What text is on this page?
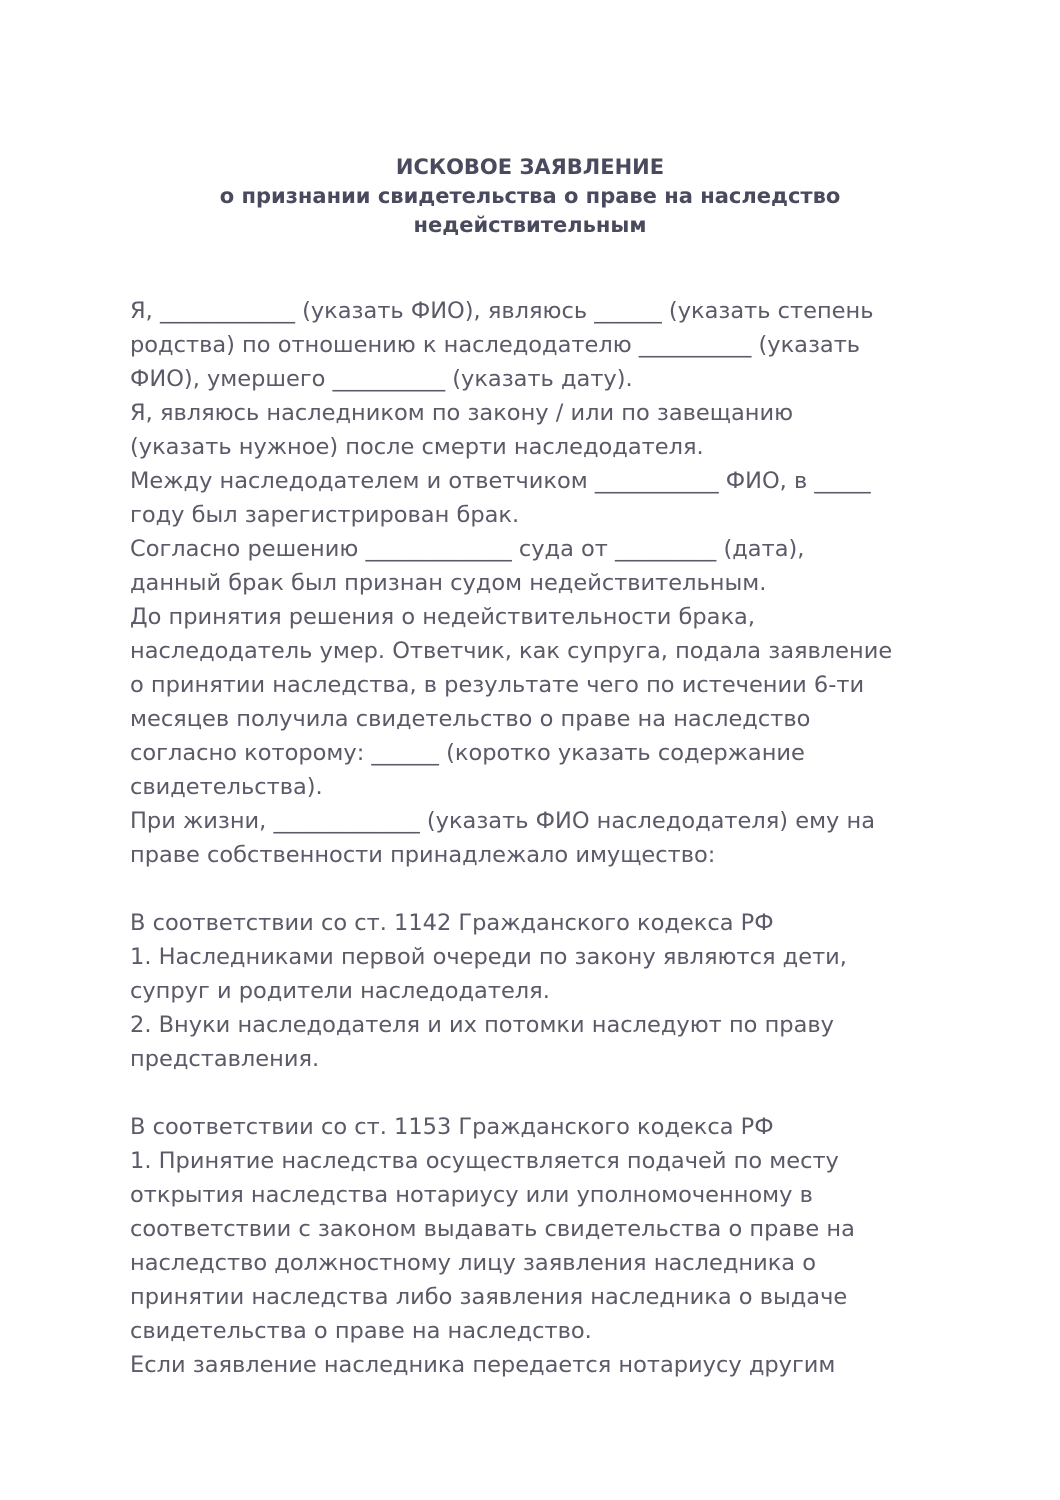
ИСКОВОЕ ЗАЯВЛЕНИЕ
о признании свидетельства о праве на наследство
недействительным
Я, ____________ (указать ФИО), являюсь ______ (указать степень
родства) по отношению к наследодателю __________ (указать
ФИО), умершего __________ (указать дату).
Я, являюсь наследником по закону / или по завещанию
(указать нужное) после смерти наследодателя.
Между наследодателем и ответчиком ___________ ФИО, в _____
году был зарегистрирован брак.
Согласно решению _____________ суда от _________ (дата),
данный брак был признан судом недействительным.
До принятия решения о недействительности брака,
наследодатель умер. Ответчик, как супруга, подала заявление
о принятии наследства, в результате чего по истечении 6-ти
месяцев получила свидетельство о праве на наследство
согласно которому: ______ (коротко указать содержание
свидетельства).
При жизни, _____________ (указать ФИО наследодателя) ему на
праве собственности принадлежало имущество:
В соответствии со ст. 1142 Гражданского кодекса РФ
1. Наследниками первой очереди по закону являются дети,
супруг и родители наследодателя.
2. Внуки наследодателя и их потомки наследуют по праву
представления.
В соответствии со ст. 1153 Гражданского кодекса РФ
1. Принятие наследства осуществляется подачей по месту
открытия наследства нотариусу или уполномоченному в
соответствии с законом выдавать свидетельства о праве на
наследство должностному лицу заявления наследника о
принятии наследства либо заявления наследника о выдаче
свидетельства о праве на наследство.
Если заявление наследника передается нотариусу другим
